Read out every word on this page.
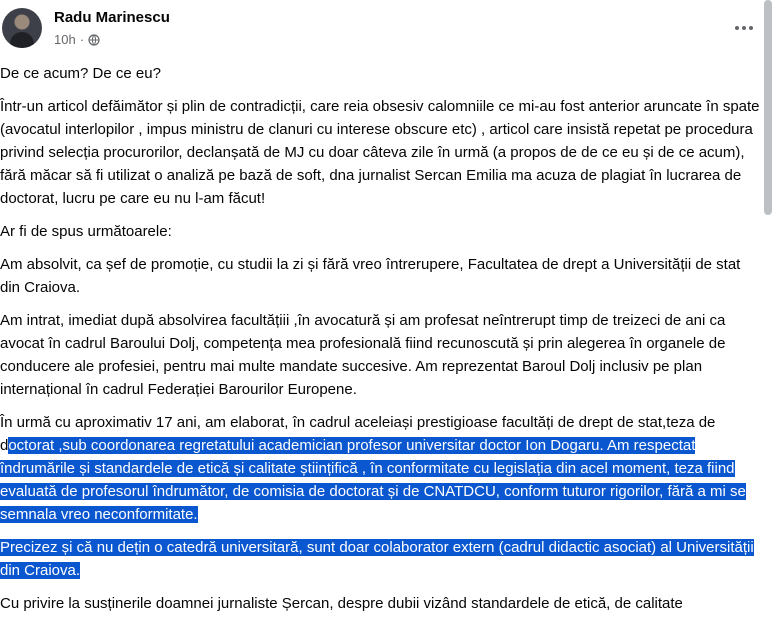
Radu Marinescu
10h ·

De ce acum? De ce eu?

Într-un articol defăimător și plin de contradicții, care reia obsesiv calomniile ce mi-au fost anterior aruncate în spate (avocatul interlopilor , impus ministru de clanuri cu interese obscure etc) , articol care insistă repetat pe procedura privind selecția procurorilor, declanșată de MJ cu doar câteva zile în urmă (a propos de de ce eu și de ce acum), fără măcar să fi utilizat o analiză pe bază de soft, dna jurnalist Sercan Emilia ma acuza de plagiat în lucrarea de doctorat, lucru pe care eu nu l-am făcut!

Ar fi de spus următoarele:

Am absolvit, ca șef de promoție, cu studii la zi și fără vreo întrerupere, Facultatea de drept a Universității de stat din Craiova.

Am intrat, imediat după absolvirea facultățiii ,în avocatură și am profesat neîntrerupt timp de treizeci de ani ca avocat în cadrul Baroului Dolj, competența mea profesională fiind recunoscută și prin alegerea în organele de conducere ale profesiei, pentru mai multe mandate succesive. Am reprezentat Baroul Dolj inclusiv pe plan internațional în cadrul Federației Barourilor Europene.

În urmă cu aproximativ 17 ani, am elaborat, în cadrul aceleiași prestigioase facultăți de drept de stat,teza de doctorat ,sub coordonarea regretatului academician profesor universitar doctor Ion Dogaru. Am respectat îndrumările și standardele de etică și calitate științifică , în conformitate cu legislația din acel moment, teza fiind evaluată de profesorul îndrumător, de comisia de doctorat și de CNATDCU, conform tuturor rigorilor, fără a mi se semnala vreo neconformitate.

Precizez și că nu dețin o catedră universitară, sunt doar colaborator extern (cadrul didactic asociat) al Universității din Craiova.

Cu privire la susținerile doamnei jurnaliste Șercan, despre dubii vizând standardele de etică, de calitate
